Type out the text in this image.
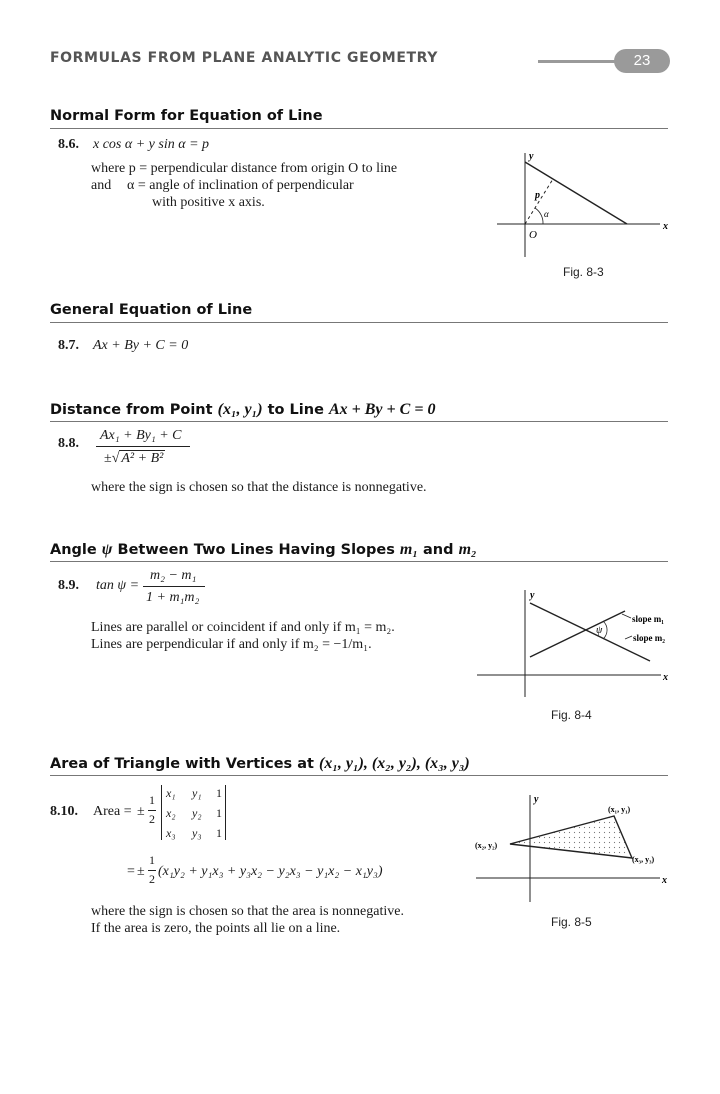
FORMULAS FROM PLANE ANALYTIC GEOMETRY	23
Normal Form for Equation of Line
8.6. x cos α + y sin α = p
where p = perpendicular distance from origin O to line
and α = angle of inclination of perpendicular
with positive x axis.
y
x
O
p
α
Fig. 8-3
General Equation of Line
8.7. Ax + By + C = 0
Distance from Point (x₁, y₁) to Line Ax + By + C = 0
8.8.
Ax₁ + By₁ + C
±√ A² + B²
where the sign is chosen so that the distance is nonnegative.
Angle ψ Between Two Lines Having Slopes m₁ and m₂
8.9. tan ψ =
m₂ − m₁
1 + m₁m₂
Lines are parallel or coincident if and only if m₁ = m₂.
Lines are perpendicular if and only if m₂ = −1/m₁.
y
x
ψ
slope m₁
slope m₂
Fig. 8-4
Area of Triangle with Vertices at (x₁, y₁), (x₂, y₂), (x₃, y₃)
8.10. Area = ±
1
2
x₁ y₁ 1
x₂ y₂ 1
x₃ y₃ 1
= ±
1
2 (x₁y₂ + y₁x₃ + y₃x₂ − y₂x₃ − y₁x₂ − x₁y₃)
where the sign is chosen so that the area is nonnegative.
If the area is zero, the points all lie on a line.
y
x
(x₁, y₁)
(x₂, y₂)
(x₃, y₃)
Fig. 8-5
